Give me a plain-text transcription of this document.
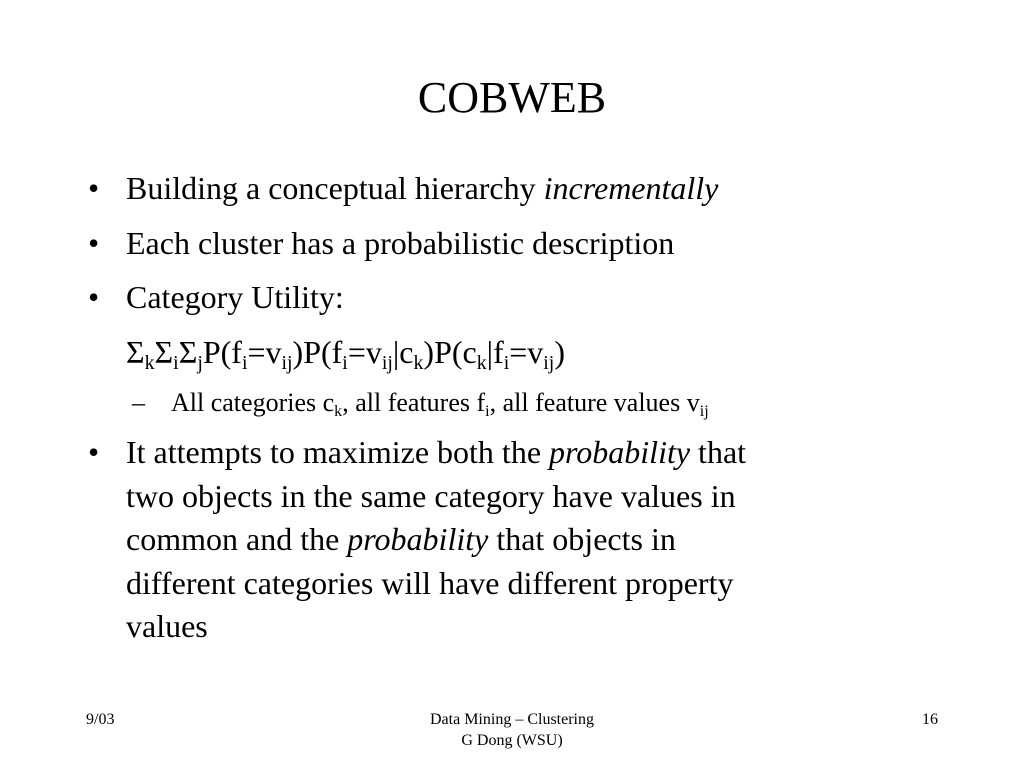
COBWEB
• Building a conceptual hierarchy incrementally
• Each cluster has a probabilistic description
• Category Utility:
$\Sigma_k\Sigma_i\Sigma_jP(f_i=v_{ij})P(f_i=v_{ij}|c_k)P(c_k|f_i=v_{ij})$
– All categories $c_k$, all features $f_i$, all feature values $v_{ij}$
• It attempts to maximize both the probability that
two objects in the same category have values in
common and the probability that objects in
different categories will have different property
values
9/03	Data Mining – Clustering
G Dong (WSU)
16
